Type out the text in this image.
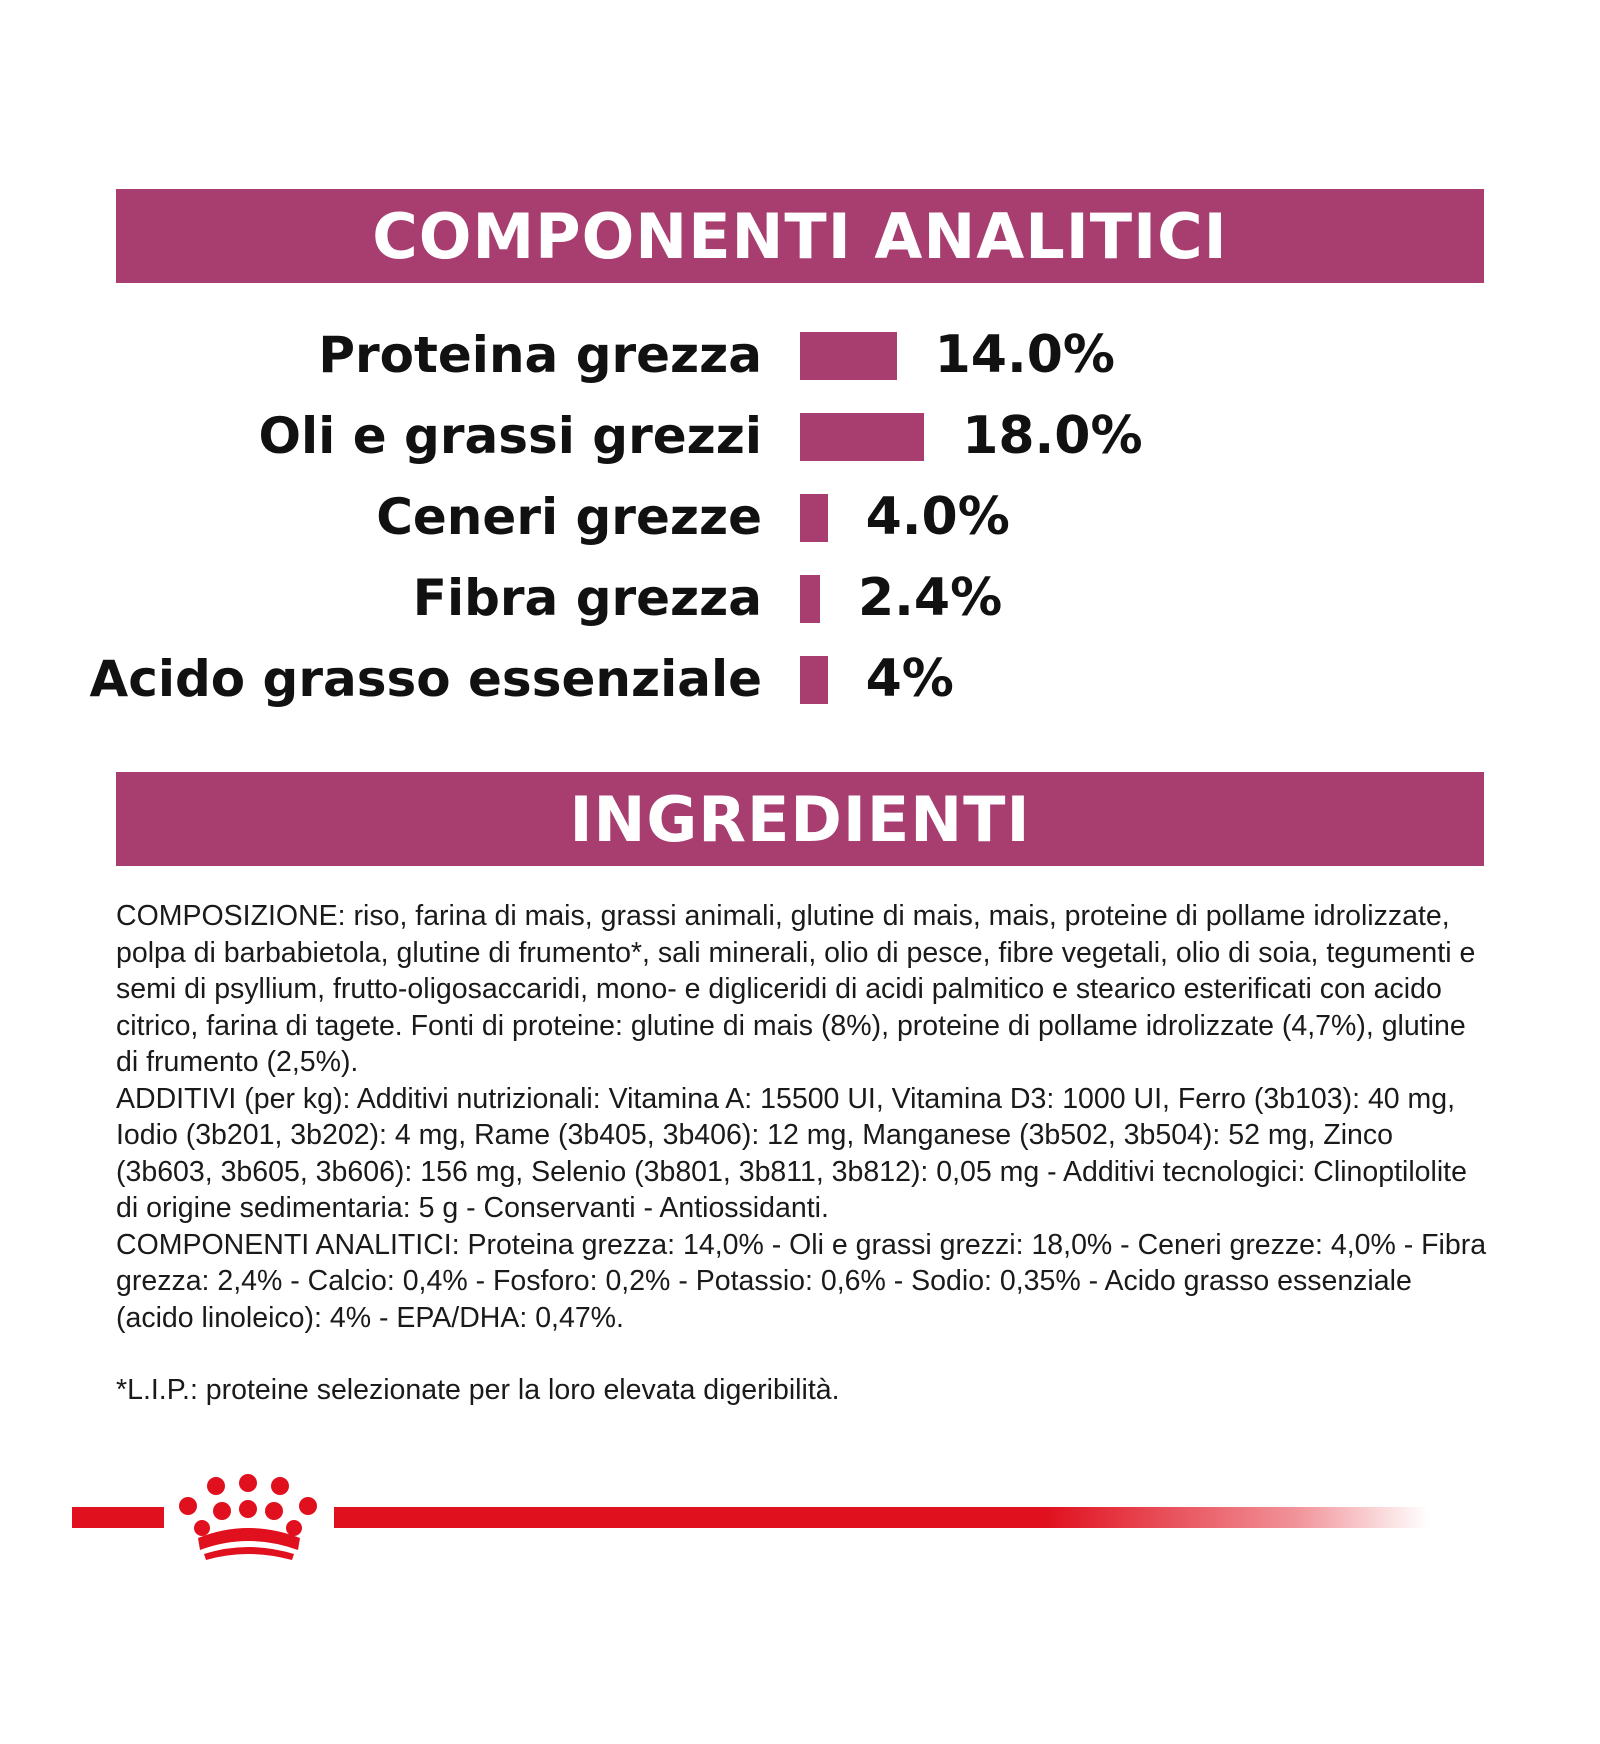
COMPONENTI ANALITICI
Proteina grezza	14.0%
Oli e grassi grezzi	18.0%
Ceneri grezze 4.0%
Fibra grezza 2.4%
Acido grasso essenziale 4%
INGREDIENTI

COMPOSIZIONE: riso, farina di mais, grassi animali, glutine di mais, mais, proteine di pollame idrolizzate, polpa di barbabietola, glutine di frumento*, sali minerali, olio di pesce, fibre vegetali, olio di soia, tegumenti e semi di psyllium, frutto-oligosaccaridi, mono- e digliceridi di acidi palmitico e stearico esterificati con acido citrico, farina di tagete. Fonti di proteine: glutine di mais (8%), proteine di pollame idrolizzate (4,7%), glutine di frumento (2,5%).

ADDITIVI (per kg): Additivi nutrizionali: Vitamina A: 15500 UI, Vitamina D3: 1000 UI, Ferro (3b103): 40 mg, Iodio (3b201, 3b202): 4 mg, Rame (3b405, 3b406): 12 mg, Manganese (3b502, 3b504): 52 mg, Zinco (3b603, 3b605, 3b606): 156 mg, Selenio (3b801, 3b811, 3b812): 0,05 mg - Additivi tecnologici: Clinoptilolite di origine sedimentaria: 5 g - Conservanti - Antiossidanti.

COMPONENTI ANALITICI: Proteina grezza: 14,0% - Oli e grassi grezzi: 18,0% - Ceneri grezze: 4,0% - Fibra grezza: 2,4% - Calcio: 0,4% - Fosforo: 0,2% - Potassio: 0,6% - Sodio: 0,35% - Acido grasso essenziale (acido linoleico): 4% - EPA/DHA: 0,47%.

*L.I.P.: proteine selezionate per la loro elevata digeribilità.
